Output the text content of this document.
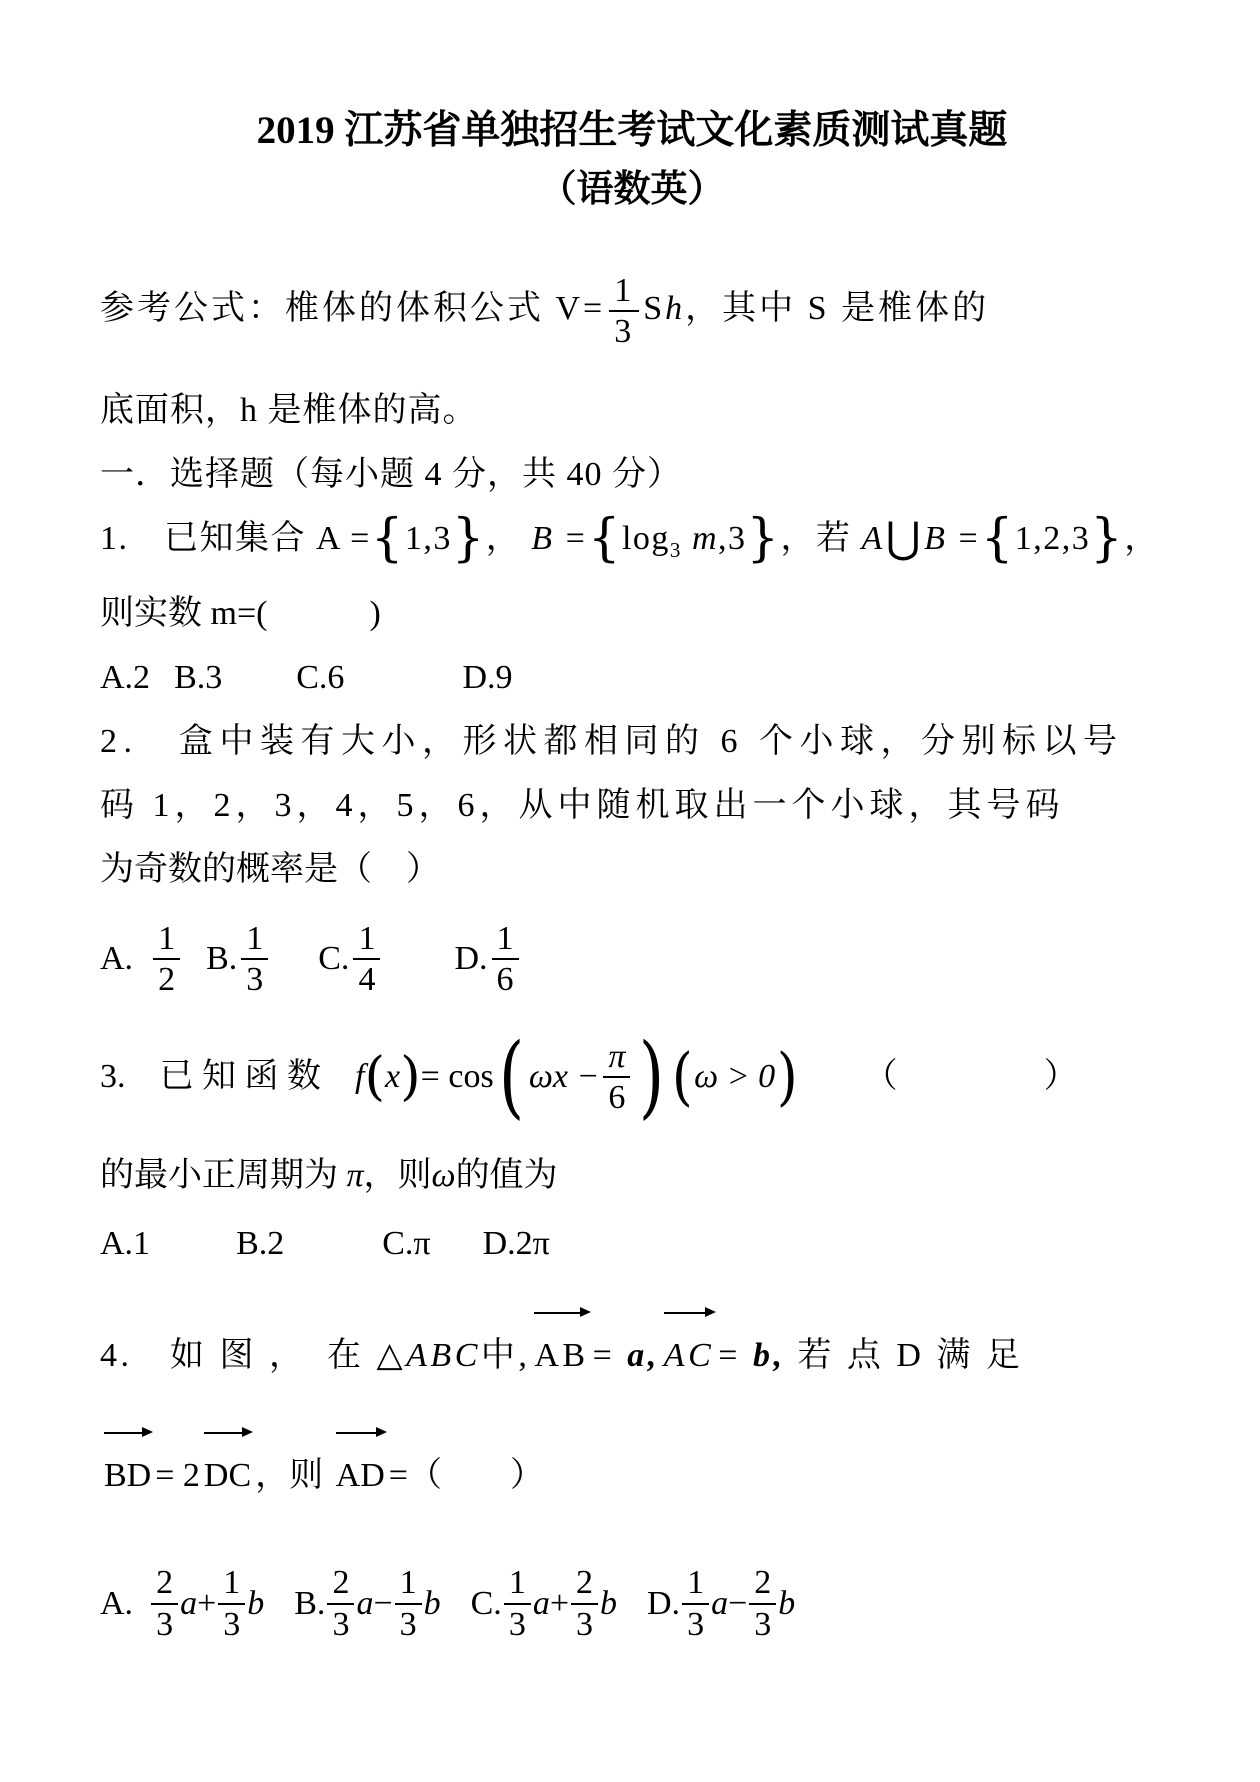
2019 江苏省单独招生考试文化素质测试真题
（语数英）
参考公式：椎体的体积公式 $V= \frac{1}{3}$ Sh，其中 S 是椎体的
底面积，h 是椎体的高。
一．选择题（每小题 4 分，共 40 分）
1.　已知集合 A ={1,3}， $B =\{\log_3$ m,3}，若 A⋃B ={1,2,3}，
则实数 m=(　　　)
A.2 B.3 C.6	D.9
2.　盒中装有大小，形状都相同的 6 个小球，分别标以号
码 1，2，3，4，5，6，从中随机取出一个小球，其号码
为奇数的概率是（　）
A. $\frac{1}{2} B$. $\frac{1}{3} C$. $\frac{1}{4} D$. $\frac{1}{6}$
3.　已 知 函 数 f ( x ) = cos ( $\omega x - \frac{\pi}{6}$ ) ( ω > 0 ) （　　　　）
的最小正周期为 π，则ω的值为
A.1	B.2	C.π D.2π
4.　如 图 ，　在 △ABC中, AB = a, AC = b, 若 点 D 满 足
BD = 2 DC ，则 AD =（　　）
A. $\frac{2}{3}$ $a + \frac{1}{3}$ b B. $\frac{2}{3}$ $a - \frac{1}{3}$ b C. $\frac{1}{3}$ $a + \frac{2}{3}$ b D. $\frac{1}{3}$ $a - \frac{2}{3}$ b
